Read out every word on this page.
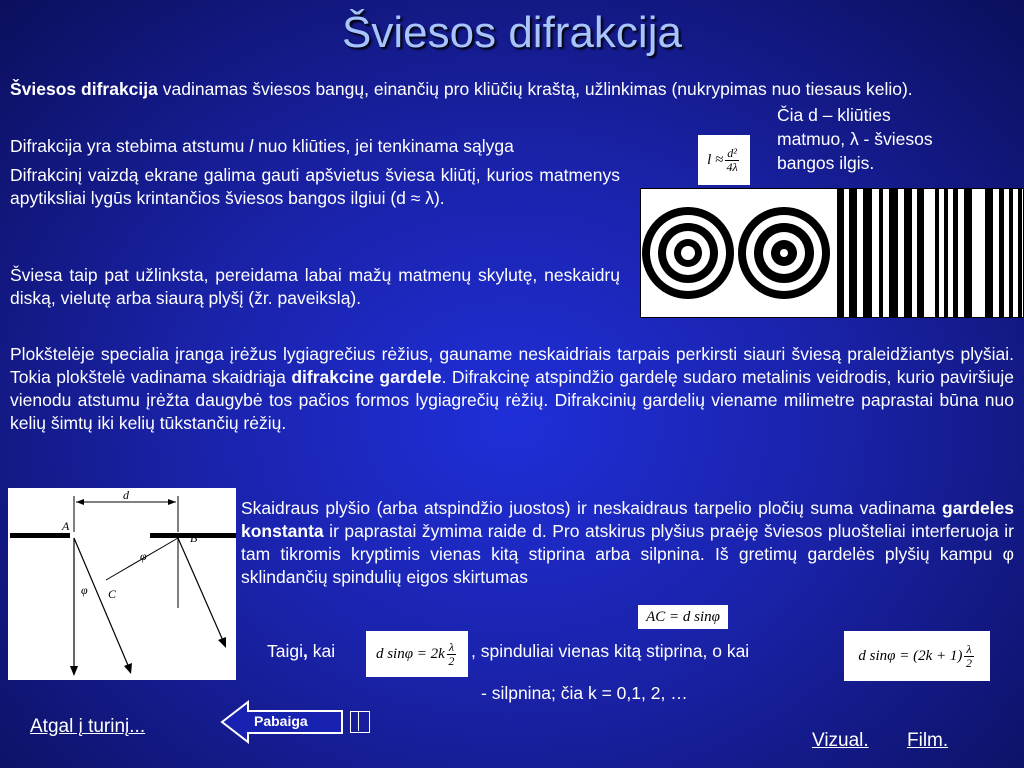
Šviesos difrakcija
Šviesos difrakcija vadinamas šviesos bangų, einančių pro kliūčių kraštą, užlinkimas (nukrypimas nuo tiesaus kelio).
Čia d – kliūties matmuo, λ - šviesos bangos ilgis.
Difrakcija yra stebima atstumu l nuo kliūties, jei tenkinama sąlyga
$l \approx \frac{\text{d²}}{4\lambda}$
Difrakcinį vaizdą ekrane galima gauti apšvietus šviesa kliūtį, kurios matmenys apytiksliai lygūs krintančios šviesos bangos ilgiui (d ≈ λ).
Šviesa taip pat užlinksta, pereidama labai mažų matmenų skylutę, neskaidrų diską, vielutę arba siaurą plyšį (žr. paveikslą).
Plokštelėje specialia įranga įrėžus lygiagrečius rėžius, gauname neskaidriais tarpais perkirsti siauri šviesą praleidžiantys plyšiai. Tokia plokštelė vadinama skaidriąja difrakcine gardele. Difrakcinę atspindžio gardelę sudaro metalinis veidrodis, kurio paviršiuje vienodu atstumu įrėžta daugybė tos pačios formos lygiagrečių rėžių. Difrakcinių gardelių viename milimetre paprastai būna nuo kelių šimtų iki kelių tūkstančių rėžių.
d
A
B
C
φ
φ
Skaidraus plyšio (arba atspindžio juostos) ir neskaidraus tarpelio pločių suma vadinama gardeles konstanta ir paprastai žymima raide d. Pro atskirus plyšius praėję šviesos pluošteliai interferuoja ir tam tikromis kryptimis vienas kitą stiprina arba silpnina. Iš gretimų gardelės plyšių kampu φ sklindančių spindulių eigos skirtumas
AC = d sinφ
Taigi, kai	d $\sin\varphi = 2k \frac{\lambda}{2}$ , spinduliai vienas kitą stiprina, o kai	d $\sin\varphi = (2k + 1) \frac{\lambda}{2}$
- silpnina; čia k = 0,1, 2, …
Atgal į turinį...	Pabaiga
Vizual. Film.
